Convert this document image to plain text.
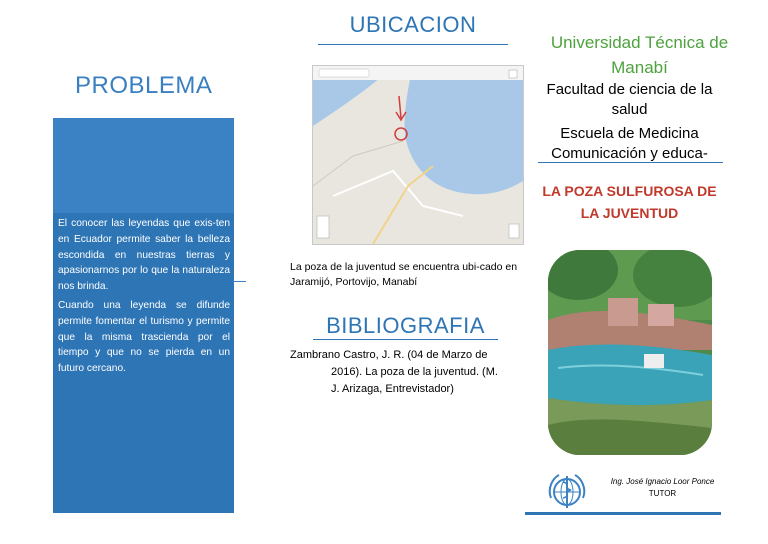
PROBLEMA

El conocer las leyendas que exis-ten en Ecuador permite saber la belleza escondida en nuestras tierras y apasionarnos por lo que la naturaleza nos brinda.

Cuando una leyenda se difunde permite fomentar el turismo y permite que la misma trascienda por el tiempo y que no se pierda en un futuro cercano.

UBICACION
La poza de la juventud se encuentra ubi-cado en Jaramijó, Portovijo, Manabí
BIBLIOGRAFIA
Zambrano Castro, J. R. (04 de Marzo de
2016). La poza de la juventud. (M.
J. Arizaga, Entrevistador)
Universidad Técnica de Manabí
Facultad de ciencia de la salud
Escuela de Medicina
Comunicación y educa-
LA POZA SULFUROSA DE LA JUVENTUD
Ing. José Ignacio Loor Ponce
TUTOR
